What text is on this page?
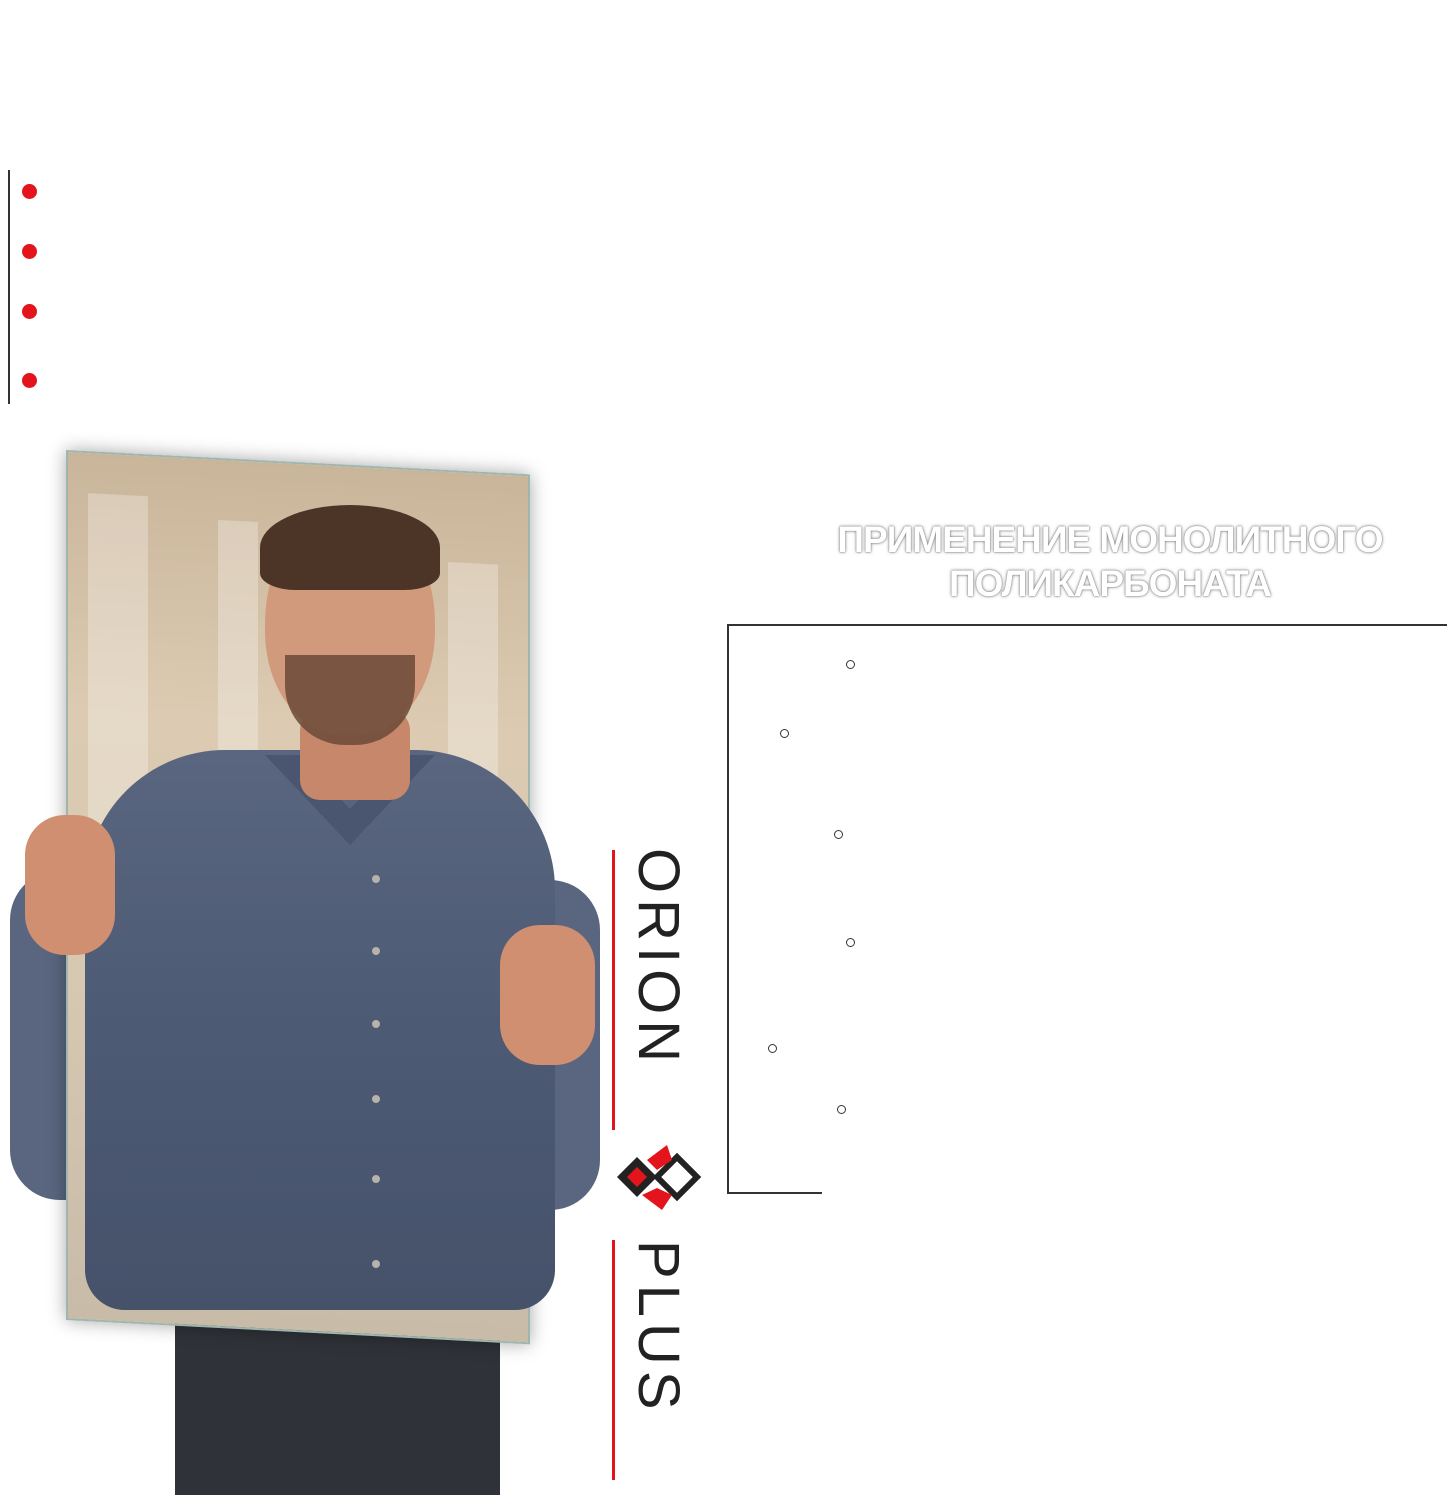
ORION
PLUS
ПРИМЕНЕНИЕ МОНОЛИТНОГО ПОЛИКАРБОНАТА
